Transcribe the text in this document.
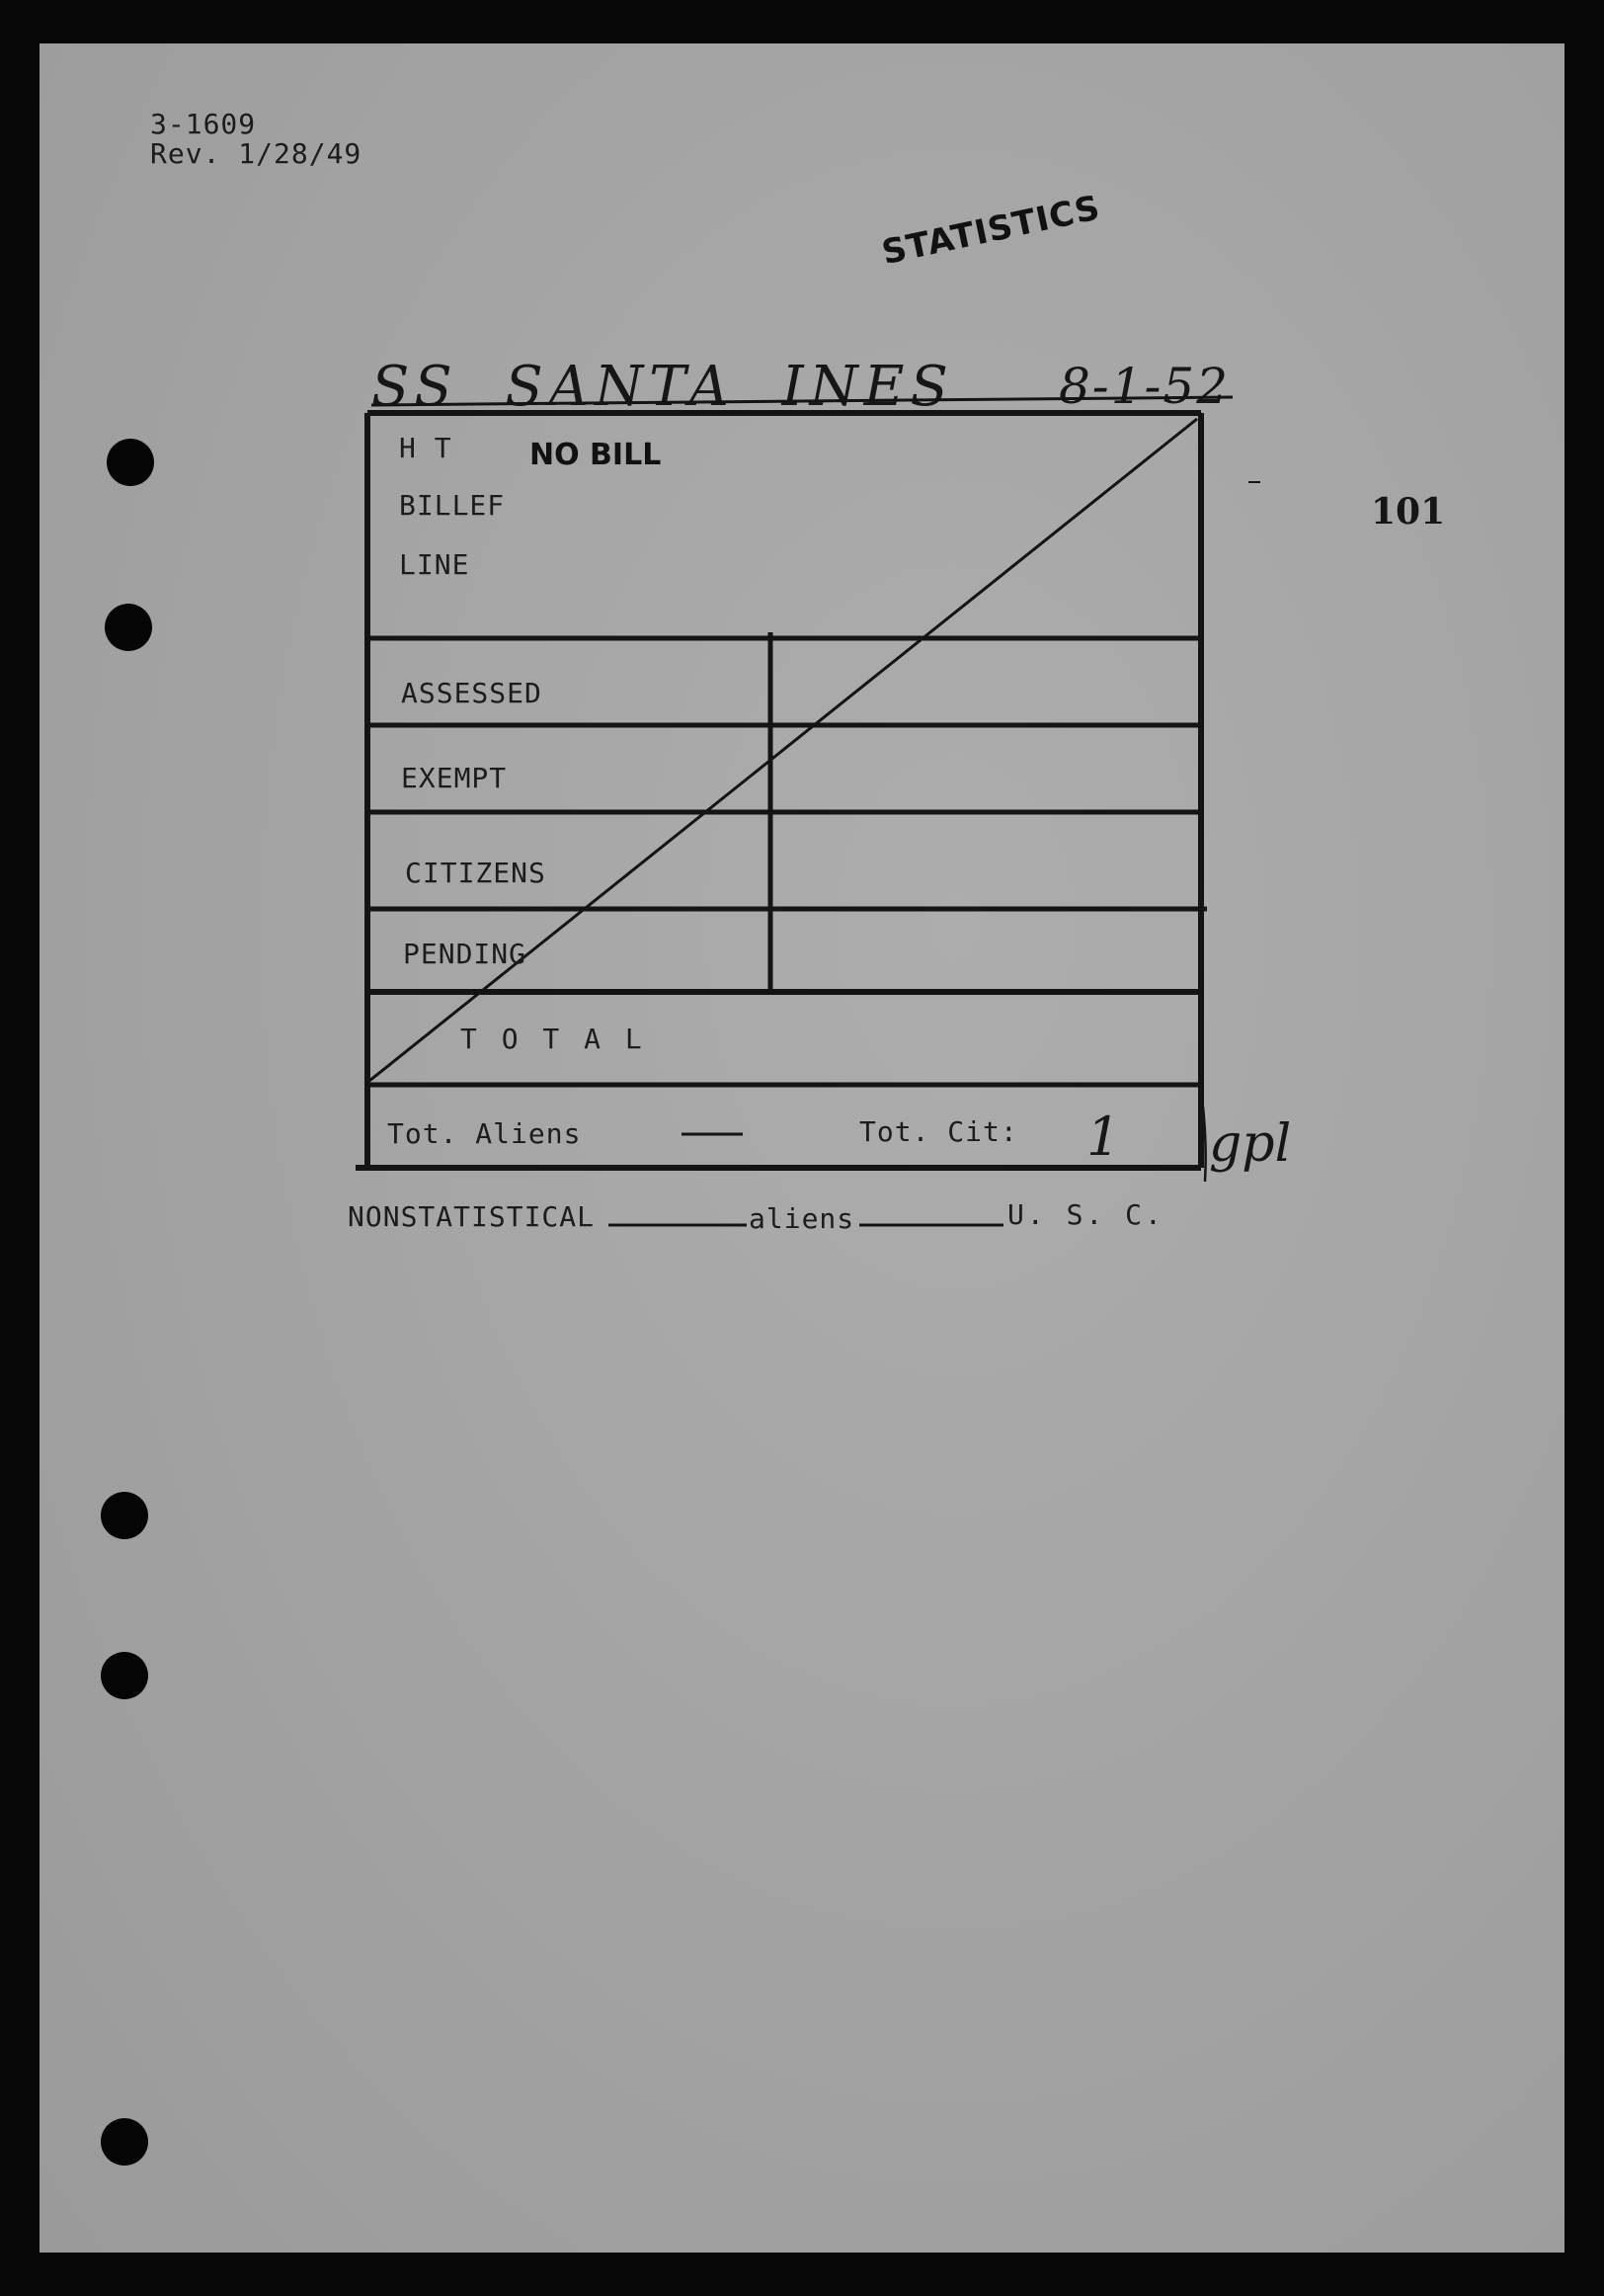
3-1609
Rev. 1/28/49
STATISTICS
101
SS  SANTA  INES 8-1-52
H T	NO BILL
BILLEF
LINE
ASSESSED
EXEMPT
CITIZENS
PENDING
T O T A L
Tot. Aliens	Tot. Cit: 1 gpl
NONSTATISTICAL	aliens	U. S. C.
